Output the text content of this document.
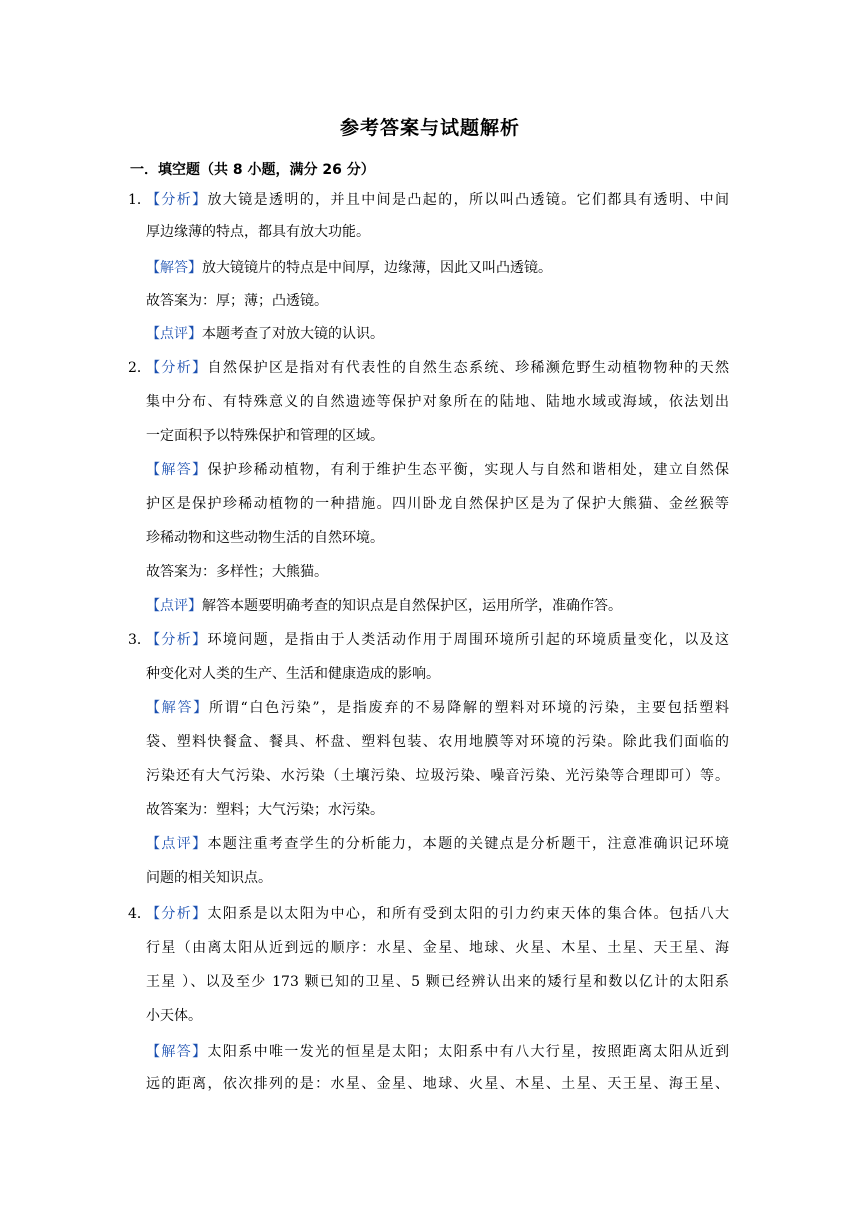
参考答案与试题解析
一．填空题（共 8 小题，满分 26 分）
1．
【分析】放大镜是透明的，并且中间是凸起的，所以叫凸透镜。它们都具有透明、中间
厚边缘薄的特点，都具有放大功能。
【解答】放大镜镜片的特点是中间厚，边缘薄，因此又叫凸透镜。
故答案为：厚；薄；凸透镜。
【点评】本题考查了对放大镜的认识。
2．
【分析】自然保护区是指对有代表性的自然生态系统、珍稀濒危野生动植物物种的天然
集中分布、有特殊意义的自然遗迹等保护对象所在的陆地、陆地水域或海域，依法划出
一定面积予以特殊保护和管理的区域。
【解答】保护珍稀动植物，有利于维护生态平衡，实现人与自然和谐相处，建立自然保
护区是保护珍稀动植物的一种措施。四川卧龙自然保护区是为了保护大熊猫、金丝猴等
珍稀动物和这些动物生活的自然环境。
故答案为：多样性；大熊猫。
【点评】解答本题要明确考查的知识点是自然保护区，运用所学，准确作答。
3．
【分析】环境问题，是指由于人类活动作用于周围环境所引起的环境质量变化，以及这
种变化对人类的生产、生活和健康造成的影响。
【解答】所谓“白色污染”，是指废弃的不易降解的塑料对环境的污染，主要包括塑料
袋、塑料快餐盒、餐具、杯盘、塑料包装、农用地膜等对环境的污染。除此我们面临的
污染还有大气污染、水污染（土壤污染、垃圾污染、噪音污染、光污染等合理即可）等。
故答案为：塑料；大气污染；水污染。
【点评】本题注重考查学生的分析能力，本题的关键点是分析题干，注意准确识记环境
问题的相关知识点。
4．
【分析】太阳系是以太阳为中心，和所有受到太阳的引力约束天体的集合体。包括八大
行星（由离太阳从近到远的顺序：水星、金星、地球、火星、木星、土星、天王星、海
王星 ）、以及至少 173 颗已知的卫星、5 颗已经辨认出来的矮行星和数以亿计的太阳系
小天体。
【解答】太阳系中唯一发光的恒星是太阳；太阳系中有八大行星，按照距离太阳从近到
远的距离，依次排列的是：水星、金星、地球、火星、木星、土星、天王星、海王星、
